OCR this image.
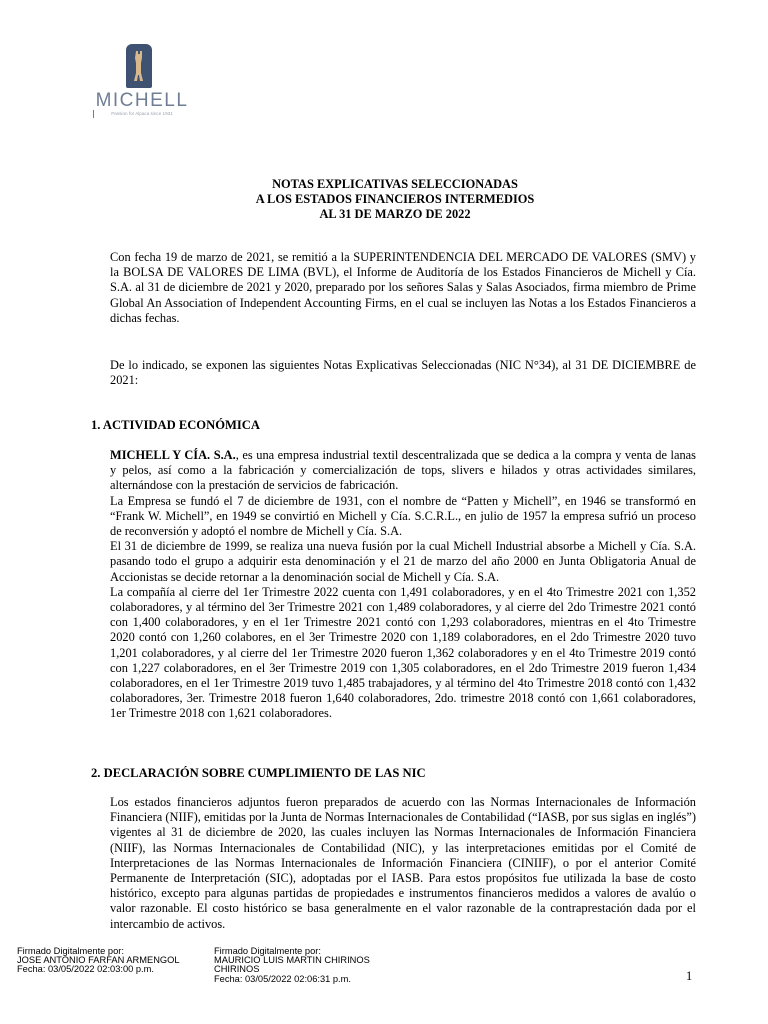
MICHELL
Passion for Alpaca since 1931
NOTAS EXPLICATIVAS SELECCIONADAS
A LOS ESTADOS FINANCIEROS INTERMEDIOS
AL 31 DE MARZO DE 2022
Con fecha 19 de marzo de 2021, se remitió a la SUPERINTENDENCIA DEL MERCADO DE VALORES (SMV) y la BOLSA DE VALORES DE LIMA (BVL), el Informe de Auditoría de los Estados Financieros de Michell y Cía. S.A. al 31 de diciembre de 2021 y 2020, preparado por los señores Salas y Salas Asociados, firma miembro de Prime Global An Association of Independent Accounting Firms, en el cual se incluyen las Notas a los Estados Financieros a dichas fechas.
De lo indicado, se exponen las siguientes Notas Explicativas Seleccionadas (NIC N°34), al 31 DE DICIEMBRE de 2021:
1. ACTIVIDAD ECONÓMICA

MICHELL Y CÍA. S.A., es una empresa industrial textil descentralizada que se dedica a la compra y venta de lanas y pelos, así como a la fabricación y comercialización de tops, slivers e hilados y otras actividades similares, alternándose con la prestación de servicios de fabricación.

La Empresa se fundó el 7 de diciembre de 1931, con el nombre de “Patten y Michell”, en 1946 se transformó en “Frank W. Michell”, en 1949 se convirtió en Michell y Cía. S.C.R.L., en julio de 1957 la empresa sufrió un proceso de reconversión y adoptó el nombre de Michell y Cía. S.A.

El 31 de diciembre de 1999, se realiza una nueva fusión por la cual Michell Industrial absorbe a Michell y Cía. S.A. pasando todo el grupo a adquirir esta denominación y el 21 de marzo del año 2000 en Junta Obligatoria Anual de Accionistas se decide retornar a la denominación social de Michell y Cía. S.A.

La compañía al cierre del 1er Trimestre 2022 cuenta con 1,491 colaboradores, y en el 4to Trimestre 2021 con 1,352 colaboradores, y al término del 3er Trimestre 2021 con 1,489 colaboradores, y al cierre del 2do Trimestre 2021 contó con 1,400 colaboradores, y en el 1er Trimestre 2021 contó con 1,293 colaboradores, mientras en el 4to Trimestre 2020 contó con 1,260 colabores, en el 3er Trimestre 2020 con 1,189 colaboradores, en el 2do Trimestre 2020 tuvo 1,201 colaboradores, y al cierre del 1er Trimestre 2020 fueron 1,362 colaboradores y en el 4to Trimestre 2019 contó con 1,227 colaboradores, en el 3er Trimestre 2019 con 1,305 colaboradores, en el 2do Trimestre 2019 fueron 1,434 colaboradores, en el 1er Trimestre 2019 tuvo 1,485 trabajadores, y al término del 4to Trimestre 2018 contó con 1,432 colaboradores, 3er. Trimestre 2018 fueron 1,640 colaboradores, 2do. trimestre 2018 contó con 1,661 colaboradores, 1er Trimestre 2018 con 1,621 colaboradores.

2. DECLARACIÓN SOBRE CUMPLIMIENTO DE LAS NIC
Los estados financieros adjuntos fueron preparados de acuerdo con las Normas Internacionales de Información Financiera (NIIF), emitidas por la Junta de Normas Internacionales de Contabilidad (“IASB, por sus siglas en inglés”) vigentes al 31 de diciembre de 2020, las cuales incluyen las Normas Internacionales de Información Financiera (NIIF), las Normas Internacionales de Contabilidad (NIC), y las interpretaciones emitidas por el Comité de Interpretaciones de las Normas Internacionales de Información Financiera (CINIIF), o por el anterior Comité Permanente de Interpretación (SIC), adoptadas por el IASB. Para estos propósitos fue utilizada la base de costo histórico, excepto para algunas partidas de propiedades e instrumentos financieros medidos a valores de avalúo o valor razonable. El costo histórico se basa generalmente en el valor razonable de la contraprestación dada por el intercambio de activos.
Firmado Digitalmente por:
JOSE ANTONIO FARFAN ARMENGOL
Fecha: 03/05/2022 02:03:00 p.m.
Firmado Digitalmente por:
MAURICIO LUIS MARTIN CHIRINOS
CHIRINOS
Fecha: 03/05/2022 02:06:31 p.m.	1
